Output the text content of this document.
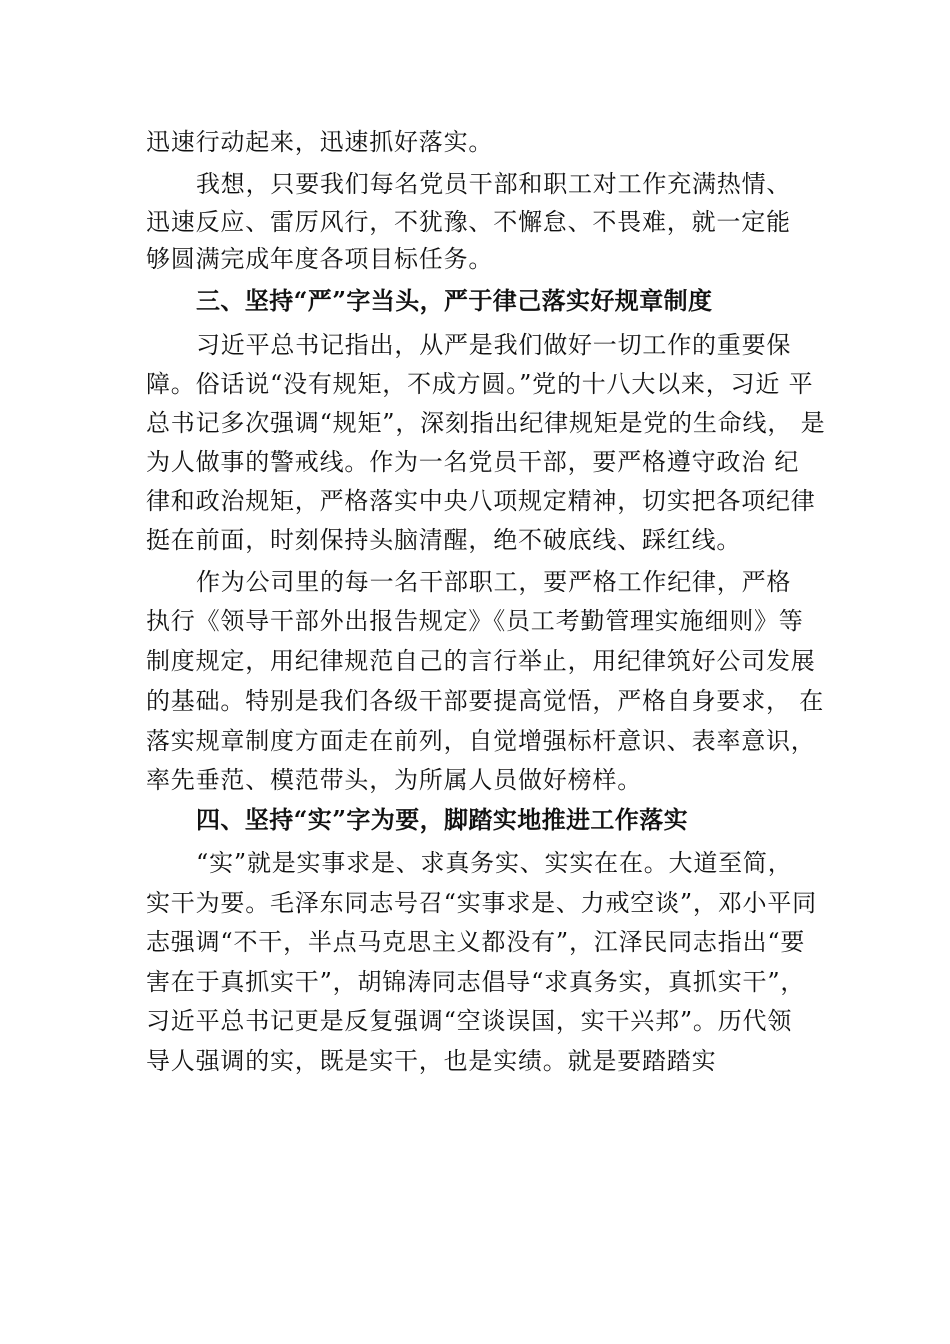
迅速行动起来，迅速抓好落实。
我想，只要我们每名党员干部和职工对工作充满热情、
迅速反应、雷厉风行，不犹豫、不懈怠、不畏难，就一定能
够圆满完成年度各项目标任务。
三、坚持“严”字当头，严于律己落实好规章制度
习近平总书记指出，从严是我们做好一切工作的重要保
障。俗话说“没有规矩，不成方圆。”党的十八大以来，习近 平
总书记多次强调“规矩”，深刻指出纪律规矩是党的生命线， 是
为人做事的警戒线。作为一名党员干部，要严格遵守政治 纪
律和政治规矩，严格落实中央八项规定精神，切实把各项纪律
挺在前面，时刻保持头脑清醒，绝不破底线、踩红线。
作为公司里的每一名干部职工，要严格工作纪律，严格
执行《领导干部外出报告规定》《员工考勤管理实施细则》等
制度规定，用纪律规范自己的言行举止，用纪律筑好公司发展
的基础。特别是我们各级干部要提高觉悟，严格自身要求， 在
落实规章制度方面走在前列，自觉增强标杆意识、表率意识，
率先垂范、模范带头，为所属人员做好榜样。
四、坚持“实”字为要，脚踏实地推进工作落实
“实”就是实事求是、求真务实、实实在在。大道至简，
实干为要。毛泽东同志号召“实事求是、力戒空谈”，邓小平同
志强调“不干，半点马克思主义都没有”，江泽民同志指出“要
害在于真抓实干”，胡锦涛同志倡导“求真务实，真抓实干”，
习近平总书记更是反复强调“空谈误国，实干兴邦”。历代领
导人强调的实，既是实干，也是实绩。就是要踏踏实
